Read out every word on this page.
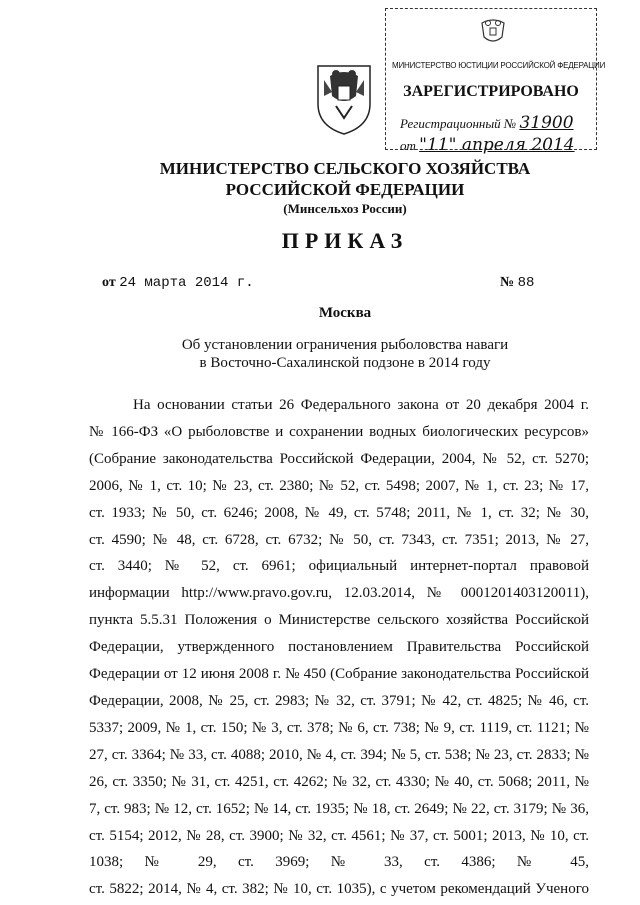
МИНИСТЕРСТВО ЮСТИЦИИ РОССИЙСКОЙ ФЕДЕРАЦИИ
ЗАРЕГИСТРИРОВАНО
Регистрационный № 31900
от "11" апреля 2014
МИНИСТЕРСТВО СЕЛЬСКОГО ХОЗЯЙСТВА
РОССИЙСКОЙ ФЕДЕРАЦИИ
(Минсельхоз России)
ПРИКАЗ
от 24 марта 2014 г.	№ 88
Москва
Об установлении ограничения рыболовства наваги
в Восточно-Сахалинской подзоне в 2014 году
На основании статьи 26 Федерального закона от 20 декабря 2004 г.
№ 166-ФЗ «О рыболовстве и сохранении водных биологических ресурсов»
(Собрание законодательства Российской Федерации, 2004, № 52, ст. 5270;
2006, № 1, ст. 10; № 23, ст. 2380; № 52, ст. 5498; 2007, № 1, ст. 23; № 17,
ст. 1933; № 50, ст. 6246; 2008, № 49, ст. 5748; 2011, № 1, ст. 32; № 30,
ст. 4590; № 48, ст. 6728, ст. 6732; № 50, ст. 7343, ст. 7351; 2013, № 27,
ст. 3440; № 52, ст. 6961; официальный интернет-портал правовой
информации http://www.pravo.gov.ru, 12.03.2014, № 0001201403120011),
пункта 5.5.31 Положения о Министерстве сельского хозяйства Российской
Федерации, утвержденного постановлением Правительства Российской
Федерации от 12 июня 2008 г. № 450 (Собрание законодательства Российской
Федерации, 2008, № 25, ст. 2983; № 32, ст. 3791; № 42, ст. 4825; № 46, ст.
5337; 2009, № 1, ст. 150; № 3, ст. 378; № 6, ст. 738; № 9, ст. 1119, ст. 1121; №
27, ст. 3364; № 33, ст. 4088; 2010, № 4, ст. 394; № 5, ст. 538; № 23, ст. 2833; №
26, ст. 3350; № 31, ст. 4251, ст. 4262; № 32, ст. 4330; № 40, ст. 5068; 2011, №
7, ст. 983; № 12, ст. 1652; № 14, ст. 1935; № 18, ст. 2649; № 22, ст. 3179; № 36,
ст. 5154; 2012, № 28, ст. 3900; № 32, ст. 4561; № 37, ст. 5001; 2013, № 10, ст.
1038; № 29, ст. 3969; № 33, ст. 4386; № 45,
ст. 5822; 2014, № 4, ст. 382; № 10, ст. 1035), с учетом рекомендаций Ученого
